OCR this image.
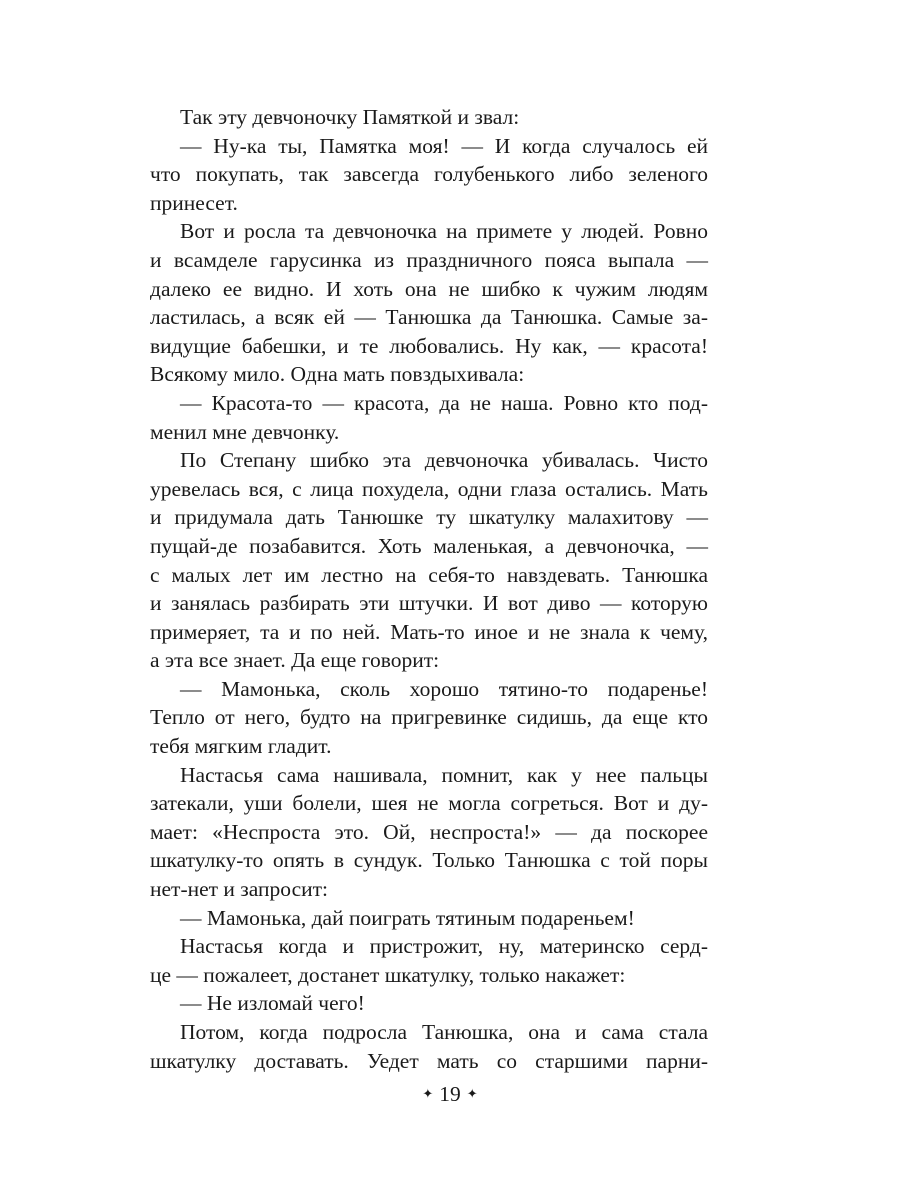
Так эту девчоночку Памяткой и звал:
— Ну-ка ты, Памятка моя! — И когда случалось ей
что покупать, так завсегда голубенького либо зеленого
принесет.
Вот и росла та девчоночка на примете у людей. Ровно
и всамделе гарусинка из праздничного пояса выпала —
далеко ее видно. И хоть она не шибко к чужим людям
ластилась, а всяк ей — Танюшка да Танюшка. Самые за-
видущие бабешки, и те любовались. Ну как, — красота!
Всякому мило. Одна мать повздыхивала:
— Красота-то — красота, да не наша. Ровно кто под-
менил мне девчонку.
По Степану шибко эта девчоночка убивалась. Чисто
уревелась вся, с лица похудела, одни глаза остались. Мать
и придумала дать Танюшке ту шкатулку малахитову —
пущай-де позабавится. Хоть маленькая, а девчоночка, —
с малых лет им лестно на себя-то навздевать. Танюшка
и занялась разбирать эти штучки. И вот диво — которую
примеряет, та и по ней. Мать-то иное и не знала к чему,
а эта все знает. Да еще говорит:
— Мамонька, сколь хорошо тятино-то подаренье!
Тепло от него, будто на пригревинке сидишь, да еще кто
тебя мягким гладит.
Настасья сама нашивала, помнит, как у нее пальцы
затекали, уши болели, шея не могла согреться. Вот и ду-
мает: «Неспроста это. Ой, неспроста!» — да поскорее
шкатулку-то опять в сундук. Только Танюшка с той поры
нет-нет и запросит:
— Мамонька, дай поиграть тятиным подареньем!
Настасья когда и пристрожит, ну, материнско серд-
це — пожалеет, достанет шкатулку, только накажет:
— Не изломай чего!
Потом, когда подросла Танюшка, она и сама стала
шкатулку доставать. Уедет мать со старшими парни-
✦ 19 ✦
